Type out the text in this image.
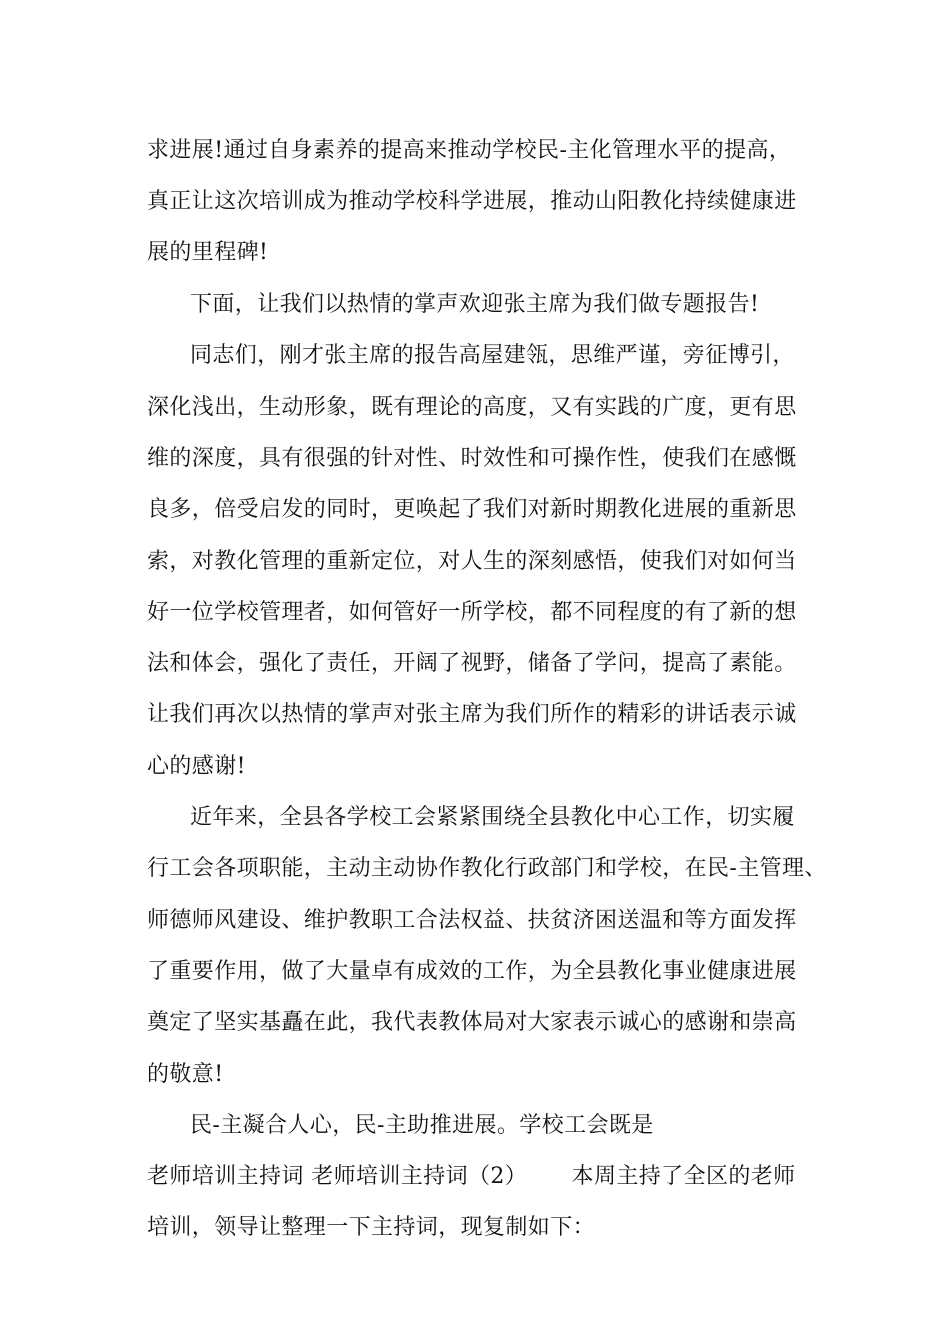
求进展!通过自身素养的提高来推动学校民-主化管理水平的提高，
真正让这次培训成为推动学校科学进展，推动山阳教化持续健康进
展的里程碑!
下面，让我们以热情的掌声欢迎张主席为我们做专题报告!
同志们，刚才张主席的报告高屋建瓴，思维严谨，旁征博引，
深化浅出，生动形象，既有理论的高度，又有实践的广度，更有思
维的深度，具有很强的针对性、时效性和可操作性，使我们在感慨
良多，倍受启发的同时，更唤起了我们对新时期教化进展的重新思
索，对教化管理的重新定位，对人生的深刻感悟，使我们对如何当
好一位学校管理者，如何管好一所学校，都不同程度的有了新的想
法和体会，强化了责任，开阔了视野，储备了学问，提高了素能。
让我们再次以热情的掌声对张主席为我们所作的精彩的讲话表示诚
心的感谢!
近年来，全县各学校工会紧紧围绕全县教化中心工作，切实履
行工会各项职能，主动主动协作教化行政部门和学校，在民-主管理、
师德师风建设、维护教职工合法权益、扶贫济困送温和等方面发挥
了重要作用，做了大量卓有成效的工作，为全县教化事业健康进展
奠定了坚实基矗在此，我代表教体局对大家表示诚心的感谢和崇高
的敬意!
民-主凝合人心，民-主助推进展。学校工会既是
老师培训主持词 老师培训主持词（2）      本周主持了全区的老师
培训，领导让整理一下主持词，现复制如下：
